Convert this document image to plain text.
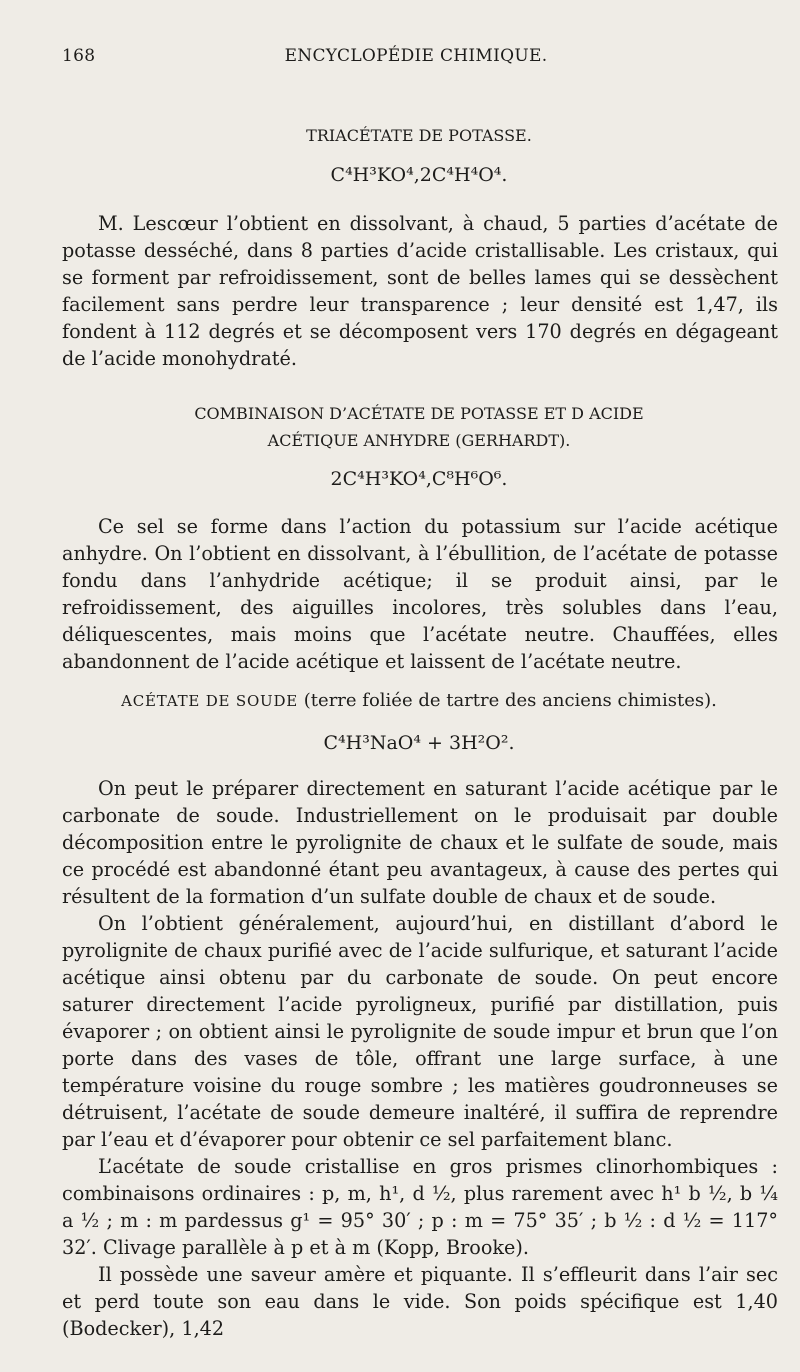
168	ENCYCLOPÉDIE CHIMIQUE.
TRIACÉTATE DE POTASSE.
C⁴H³KO⁴,2C⁴H⁴O⁴.

M. Lescœur l’obtient en dissolvant, à chaud, 5 parties d’acétate de potasse desséché, dans 8 parties d’acide cristallisable. Les cristaux, qui se forment par refroidissement, sont de belles lames qui se dessèchent facilement sans perdre leur transparence ; leur densité est 1,47, ils fondent à 112 degrés et se décomposent vers 170 degrés en dégageant de l’acide monohydraté.

COMBINAISON D’ACÉTATE DE POTASSE ET D ACIDE
ACÉTIQUE ANHYDRE (GERHARDT).
2C⁴H³KO⁴,C⁸H⁶O⁶.

Ce sel se forme dans l’action du potassium sur l’acide acétique anhydre. On l’obtient en dissolvant, à l’ébullition, de l’acétate de potasse fondu dans l’anhydride acétique; il se produit ainsi, par le refroidissement, des aiguilles incolores, très solubles dans l’eau, déliquescentes, mais moins que l’acétate neutre. Chauffées, elles abandonnent de l’acide acétique et laissent de l’acétate neutre.

ACÉTATE DE SOUDE (terre foliée de tartre des anciens chimistes).
C⁴H³NaO⁴ + 3H²O².

On peut le préparer directement en saturant l’acide acétique par le carbonate de soude. Industriellement on le produisait par double décomposition entre le pyrolignite de chaux et le sulfate de soude, mais ce procédé est abandonné étant peu avantageux, à cause des pertes qui résultent de la formation d’un sulfate double de chaux et de soude.

On l’obtient généralement, aujourd’hui, en distillant d’abord le pyrolignite de chaux purifié avec de l’acide sulfurique, et saturant l’acide acétique ainsi obtenu par du carbonate de soude. On peut encore saturer directement l’acide pyroligneux, purifié par distillation, puis évaporer ; on obtient ainsi le pyrolignite de soude impur et brun que l’on porte dans des vases de tôle, offrant une large surface, à une température voisine du rouge sombre ; les matières goudronneuses se détruisent, l’acétate de soude demeure inaltéré, il suffira de reprendre par l’eau et d’évaporer pour obtenir ce sel parfaitement blanc.

L’acétate de soude cristallise en gros prismes clinorhombiques : combinaisons ordinaires : p, m, h¹, d ½, plus rarement avec h¹ b ½, b ¼ a ½ ; m : m pardessus g¹ = 95° 30′ ; p : m = 75° 35′ ; b ½ : d ½ = 117° 32′. Clivage parallèle à p et à m (Kopp, Brooke).

Il possède une saveur amère et piquante. Il s’effleurit dans l’air sec et perd toute son eau dans le vide. Son poids spécifique est 1,40 (Bodecker), 1,42
